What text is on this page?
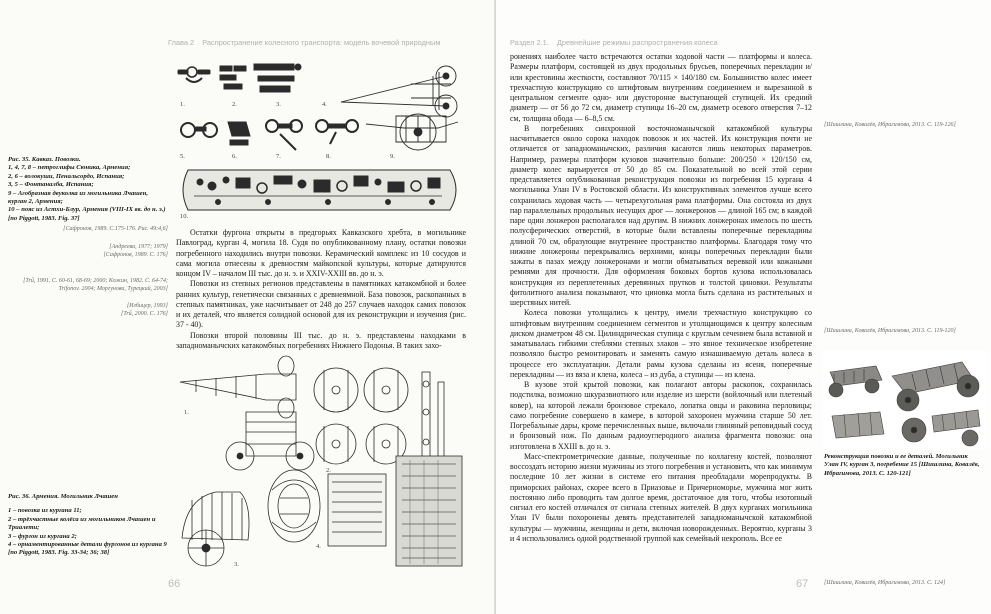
Глава 2 Распространение колесного транспорта: модель вочевой природным
Рис. 35. Кавказ. Повозки.
1, 4, 7, 8 – петроглифы Сюника, Армения;
2, 6 – волокуши, Пенальсордо, Испания;
3, 5 – Фонтаналба, Испания;
9 – Агобразная двуколка из могильника Лчашен, курган 2, Армения;
10 – пояс из Астхи-Блур, Армения (VIII-IX вв. до н. э.) [по Piggott, 1983. Fig. 37]
[Сафронов, 1989. С.175-176. Рис. 49:4,6]
1.	2.	3.	4.
5.	6.	7.	8.	9.
10.
[Андреева, 1977; 1979]
[Сафронов, 1989. С. 176]
[Trű, 1991. С. 60-61, 68-69; 2000; Кожин, 1982. С. 64-74; Trifonov. 2004; Моргунова, Турецкий, 2003]
[Избицер, 1993]
[Trű, 2000. С. 176]

Остатки фургона открыты в предгорьях Кавказского хребта, в могильнике Павлоград, курган 4, могила 18. Судя по опубликованному плану, остатки повозки погребенного находились внутри повозки. Керамический комплекс из 10 сосудов и сама могила отнесены к древностям майкопской культуры, которые датируются концом IV – началом III тыс. до н. э. и XXIV-XXIII вв. до н. э.

Повозки из степных регионов представлены в памятниках катакомбной и более ранних культур, генетически связанных с древнеямной. База повозок, раскопанных в степных памятниках, уже насчитывает от 248 до 257 случаев находок самих повозок и их деталей, что является солидной основой для их реконструкции и изучения (рис. 37 - 40).

Повозки второй половины III тыс. до н. э. представлены находками в западноманычских катакомбных погребениях Нижнего Подонья. В таких захо-

1.
2.
3.
4.
Рис. 36. Армения. Могильник Лчашен
1 – повозка из кургана 11;
2 – трёхчастные колёса из могильников Лчашен и Триалети;
3 – фургон из кургана 2;
4 – орнаментированные детали фургонов из кургана 9 [по Piggott, 1983. Fig. 33-34; 36; 38]
66
Раздел 2.1. Древнейшие режимы распространения колеса

ронениях наиболее часто встречаются остатки ходовой части — платформы и колеса. Размеры платформ, состоящей из двух продольных брусьев, поперечных перекладин и/или крестовины жесткости, составляют 70/115 × 140/180 см. Большинство колес имеет трехчастную конструкцию со штифтовым внутренним соединением и вырезанной в центральном сегменте одно- или двусторонне выступающей ступицей. Их средний диаметр — от 56 до 72 см, диаметр ступицы 16–20 см, диаметр осевого отверстия 7–12 см, толщина обода — 6–8,5 см.

В погребениях синхронной восточноманычской катакомбной культуры насчитывается около сорока находок повозок и их частей. Их конструкция почти не отличается от западноманычских, различия касаются лишь некоторых параметров. Например, размеры платформ кузовов значительно больше: 200/250 × 120/150 см, диаметр колес варьируется от 50 до 85 см. Показательной во всей этой серии представляется опубликованная реконструкция повозки из погребения 15 кургана 4 могильника Улан IV в Ростовской области. Из конструктивных элементов лучше всего сохранилась ходовая часть — четырехугольная рама платформы. Она состояла из двух пар параллельных продольных несущих дрог — лонжеронов — длиной 165 см; в каждой паре один лонжерон располагался над другим. В нижних лонжеронах имелось по шесть полусферических отверстий, в которые были вставлены поперечные перекладины длиной 70 см, образующие внутреннее пространство платформы. Благодаря тому что нижние лонжероны перекрывались верхними, концы поперечных перекладин были зажаты в пазах между лонжеронами и могли обматываться веревкой или кожаными ремнями для прочности. Для оформления боковых бортов кузова использовалась конструкция из переплетенных деревянных прутков и толстой циновки. Результаты фитолитного анализа показывают, что циновка могла быть сделана из растительных и шерстяных нитей.

Колеса повозки утолщались к центру, имели трехчастную конструкцию со штифтовым внутренним соединением сегментов и утолщающимся к центру колесным диском диаметром 48 см. Цилиндрическая ступица с круглым сечением была вставной и заматывалась гибкими стеблями степных злаков – это явное техническое изобретение позволяло быстро ремонтировать и заменять самую изнашиваемую деталь колеса в процессе его эксплуатации. Детали рамы кузова сделаны из ясеня, поперечные перекладины — из вяза и клена, колеса – из дуба, а ступицы — из клена.

В кузове этой крытой повозки, как полагают авторы раскопок, сохранилась подстилка, возможно шкуразвиотного или изделие из шерсти (войлочный или плетеный ковер), на которой лежали бронзовое стрекало, лопатка овцы и раковина перловицы; само погребение совершено в камере, в которой захоронен мужчина старше 50 лет. Погребальные дары, кроме перечисленных выше, включали глиняный реповидный сосуд и бронзовый нож. По данным радиоуглеродного анализа фрагмента повозки: она изготовлена в XXIII в. до н. э.

Масс-спектрометрические данные, полученные по коллагену костей, позволяют воссоздать историю жизни мужчины из этого погребения и установить, что как минимум последние 10 лет жизни в системе его питания преобладали морепродукты. В приморских районах, скорее всего в Приазовье и Причерноморье, мужчина мог жить постоянно либо проводить там долгое время, достаточное для того, чтобы изотопный сигнал его костей отличался от сигнала степных жителей. В двух курганах могильника Улан IV были похоронены девять представителей западноманычской катакомбной культуры — мужчины, женщины и дети, включая новорожденных. Вероятно, курганы 3 и 4 использовались одной родственной группой как семейный некрополь. Все ее

[Шишлина, Ковалёв, Ибрагимова, 2013. С. 119-126]
[Шишлина, Ковалёв, Ибрагимова, 2013. С. 119-120]
[Шишлина, Ковалёв, Ибрагимова, 2013. С. 124]
Реконструкция повозки и ее деталей. Могильник Улан IV, курган 3, погребение 15 [Шишлина, Ковалёв, Ибрагимова, 2013. С. 120-121]
67
